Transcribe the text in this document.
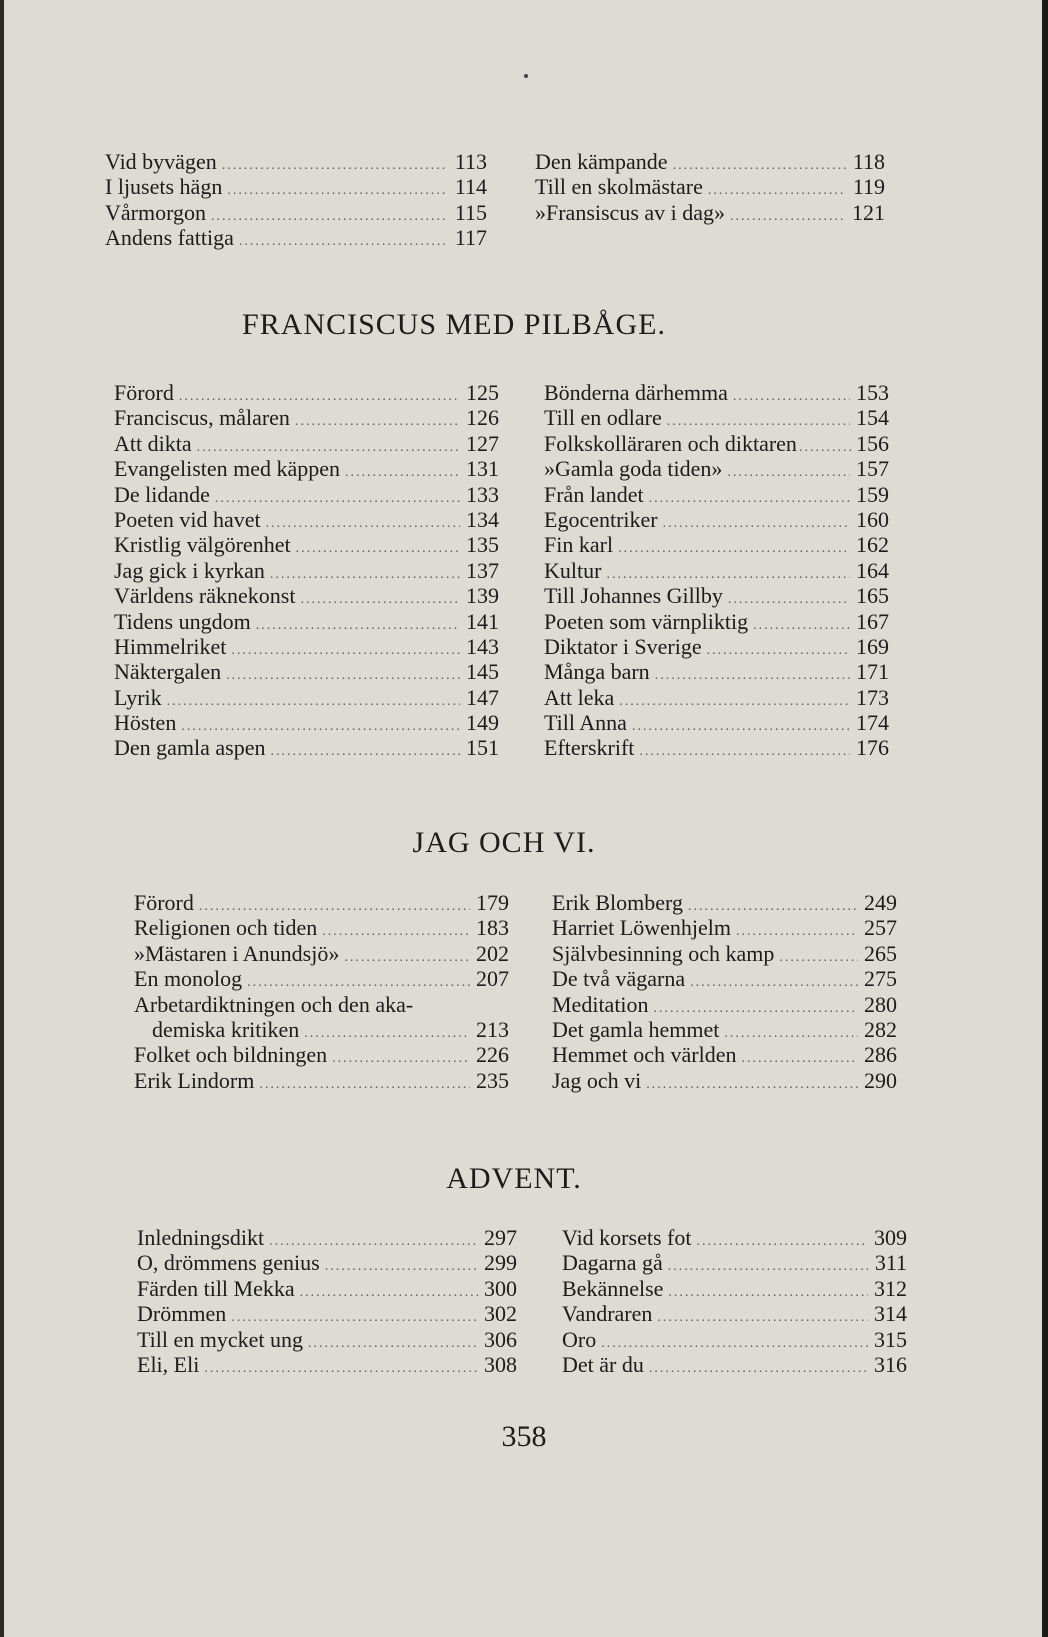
Vid byvägen .....	113
I ljusets hägn .....	114
Vårmorgon .....	115
Andens fattiga .....	117
Den kämpande .....	118
Till en skolmästare .....	119
»Fransiscus av i dag» .....	121
FRANCISCUS MED PILBÅGE.
Förord .....	125
Franciscus, målaren .....	126
Att dikta .....	127
Evangelisten med käppen .....	131
De lidande .....	133
Poeten vid havet .....	134
Kristlig välgörenhet .....	135
Jag gick i kyrkan .....	137
Världens räknekonst .....	139
Tidens ungdom .....	141
Himmelriket .....	143
Näktergalen .....	145
Lyrik .....	147
Hösten .....	149
Den gamla aspen .....	151
Bönderna därhemma .....	153
Till en odlare .....	154
Folkskolläraren och diktaren .....	156
»Gamla goda tiden» .....	157
Från landet .....	159
Egocentriker .....	160
Fin karl .....	162
Kultur .....	164
Till Johannes Gillby .....	165
Poeten som värnpliktig .....	167
Diktator i Sverige .....	169
Många barn .....	171
Att leka .....	173
Till Anna .....	174
Efterskrift .....	176
JAG OCH VI.
Förord .....	179
Religionen och tiden .....	183
»Mästaren i Anundsjö» .....	202
En monolog .....	207
Arbetardiktningen och den aka-
demiska kritiken .....	213
Folket och bildningen .....	226
Erik Lindorm .....	235
Erik Blomberg .....	249
Harriet Löwenhjelm .....	257
Självbesinning och kamp .....	265
De två vägarna .....	275
Meditation .....	280
Det gamla hemmet .....	282
Hemmet och världen .....	286
Jag och vi .....	290
ADVENT.
Inledningsdikt .....	297
O, drömmens genius .....	299
Färden till Mekka .....	300
Drömmen .....	302
Till en mycket ung .....	306
Eli, Eli .....	308
Vid korsets fot .....	309
Dagarna gå .....	311
Bekännelse .....	312
Vandraren .....	314
Oro .....	315
Det är du .....	316
358
